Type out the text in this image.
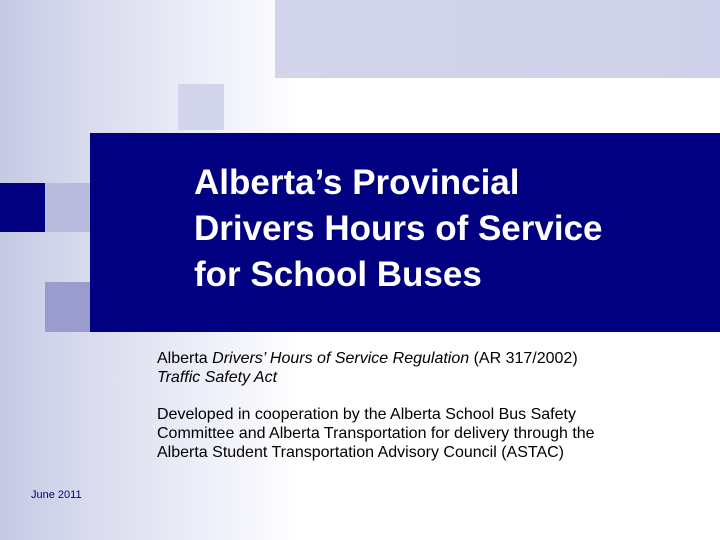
Alberta’s Provincial
Drivers Hours of Service
for School Buses

Alberta Drivers’ Hours of Service Regulation (AR 317/2002)

Traffic Safety Act

Developed in cooperation by the Alberta School Bus Safety
Committee and Alberta Transportation for delivery through the
Alberta Student Transportation Advisory Council (ASTAC)

June 2011
